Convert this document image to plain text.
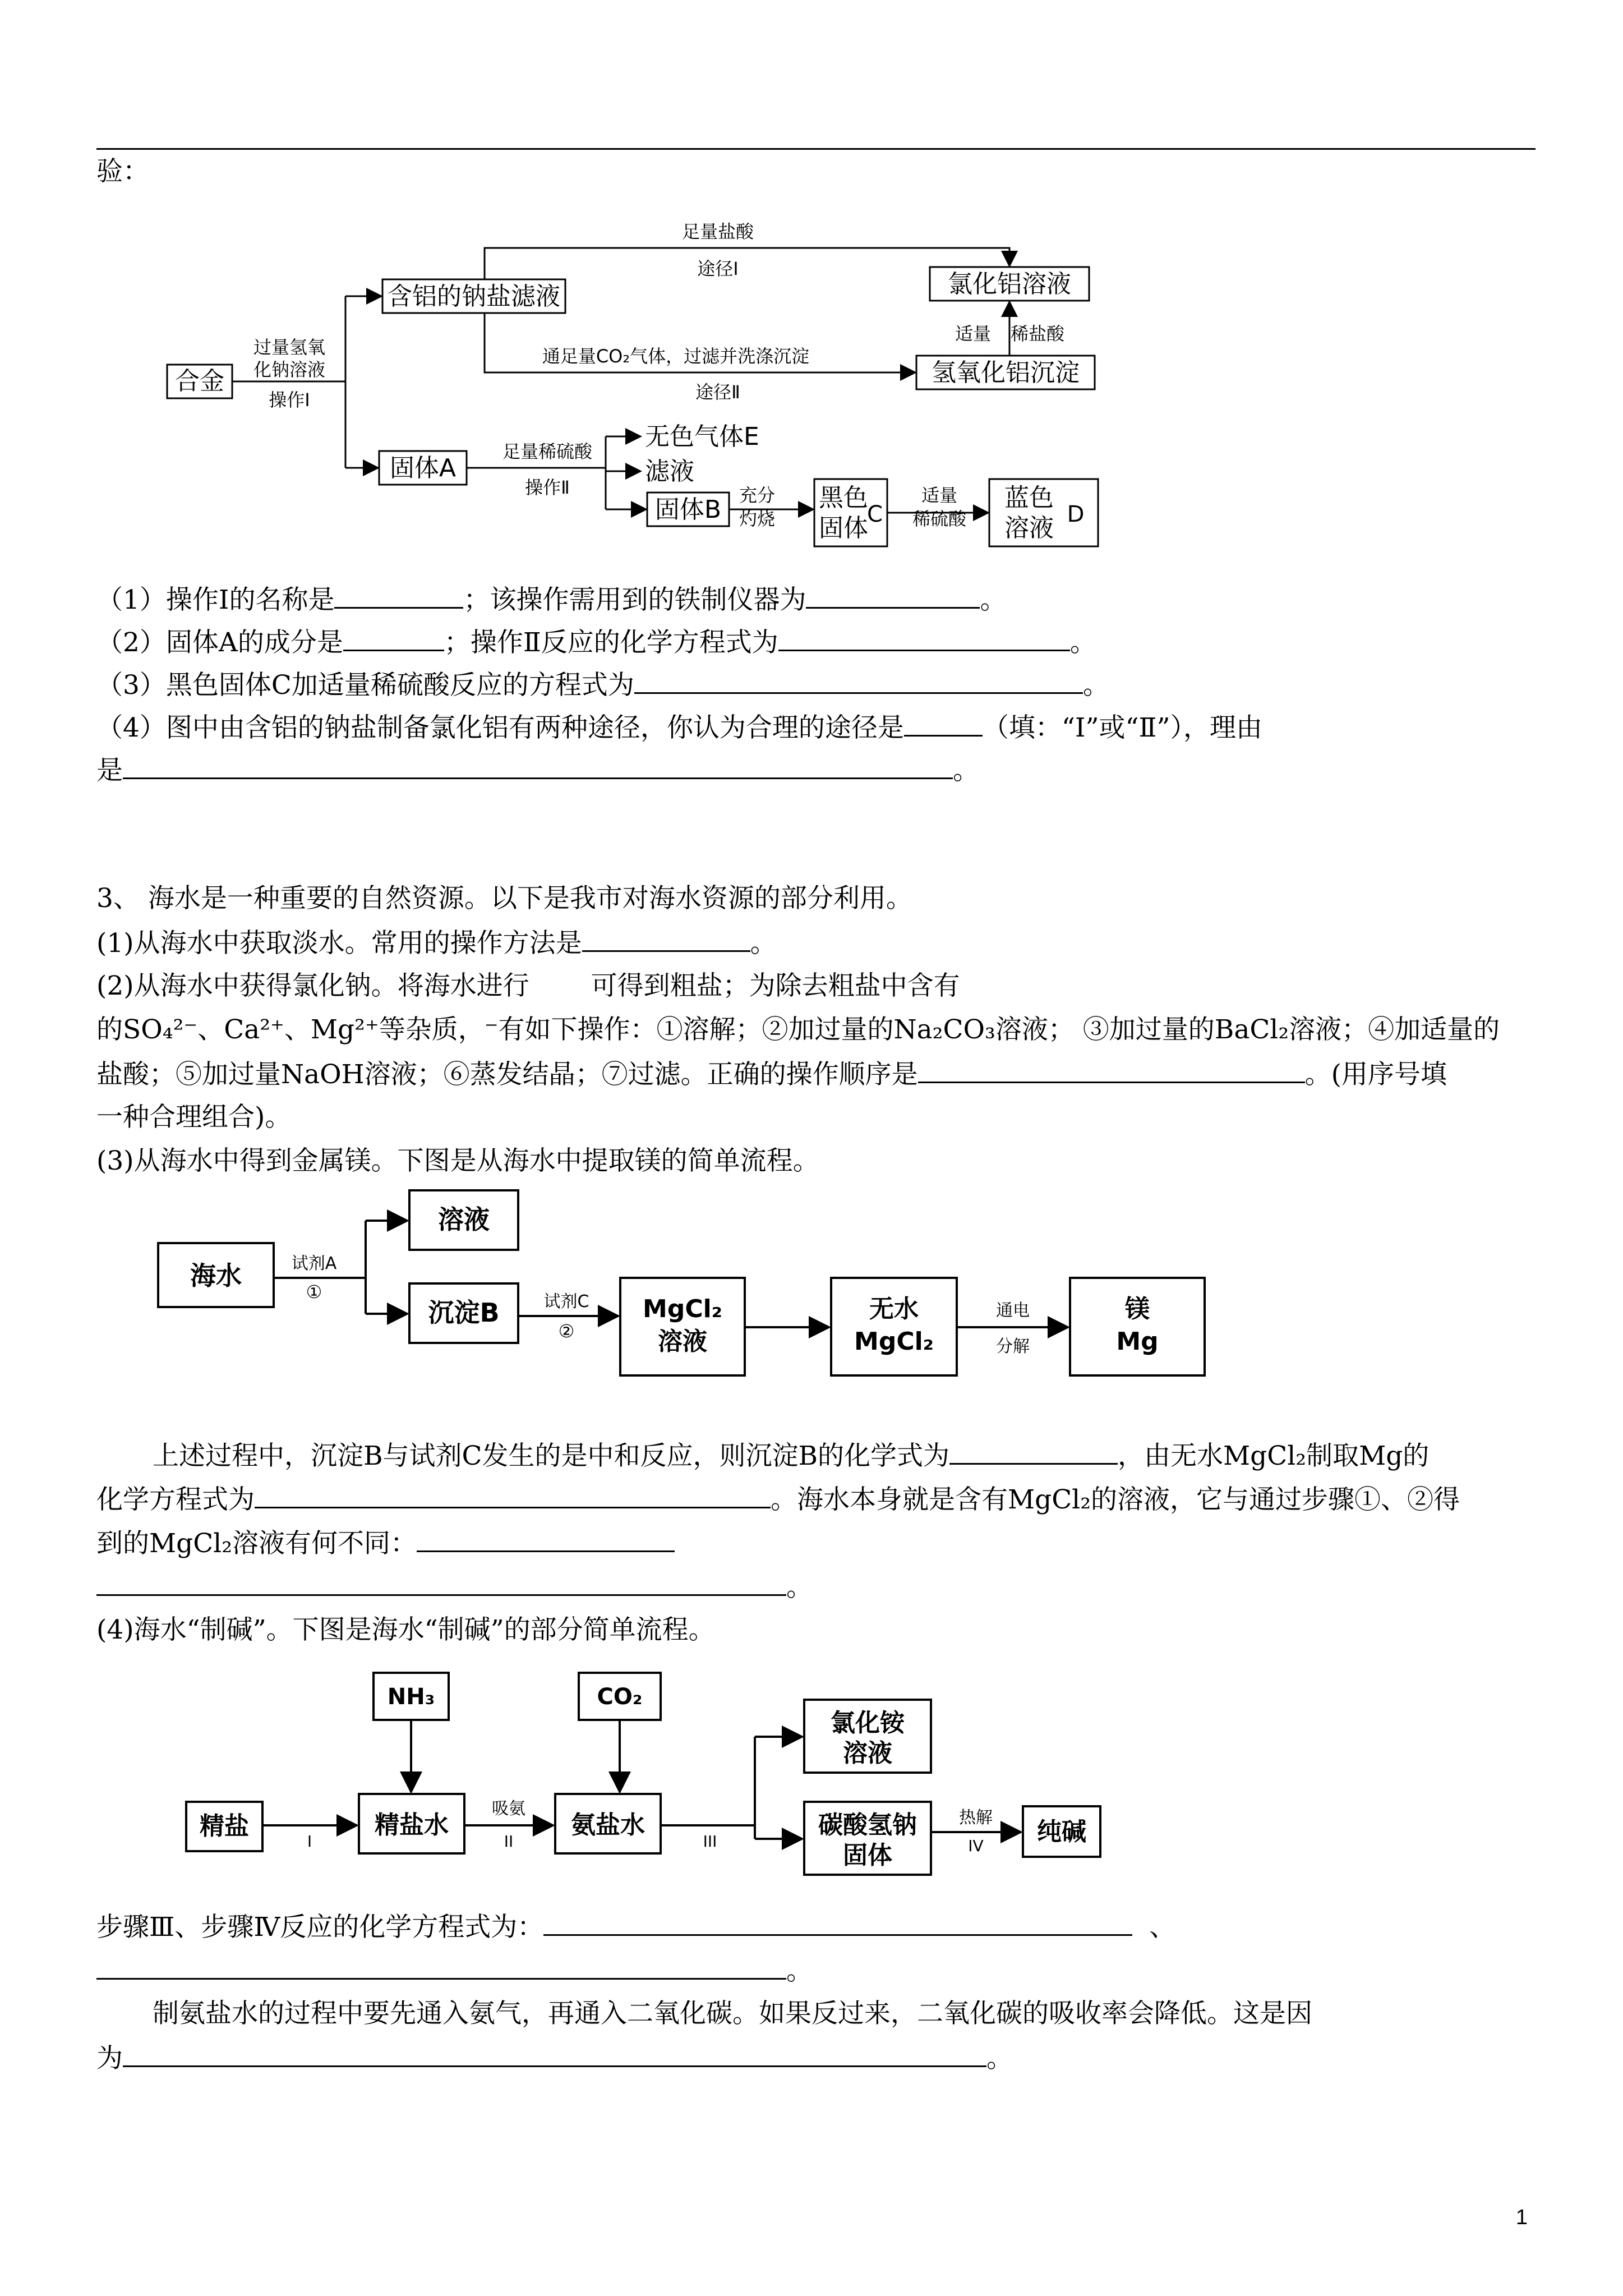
验：
合金
过量氢氧
化钠溶液
操作Ⅰ
含铝的钠盐滤液
足量盐酸
途径Ⅰ
氯化铝溶液
通足量CO₂气体，过滤并洗涤沉淀
途径Ⅱ
氢氧化铝沉淀
适量 稀盐酸
固体A
足量稀硫酸
操作Ⅱ
无色气体E
滤液
固体B 充分
灼烧
黑色
固体
C
适量
稀硫酸
蓝色
溶液 D
（1）操作Ⅰ的名称是	；该操作需用到的铁制仪器为	。
（2）固体A的成分是	；操作Ⅱ反应的化学方程式为	。
（3）黑色固体C加适量稀硫酸反应的方程式为	。
（4）图中由含铝的钠盐制备氯化铝有两种途径，你认为合理的途径是	（填：“Ⅰ”或“Ⅱ”），理由
是	。
3、 海水是一种重要的自然资源。以下是我市对海水资源的部分利用。
(1)从海水中获取淡水。常用的操作方法是	。
(2)从海水中获得氯化钠。将海水进行 可得到粗盐；为除去粗盐中含有
的SO₄²⁻、Ca²⁺、Mg²⁺等杂质，⁻有如下操作：①溶解；②加过量的Na₂CO₃溶液； ③加过量的BaCl₂溶液；④加适量的
盐酸；⑤加过量NaOH溶液；⑥蒸发结晶；⑦过滤。正确的操作顺序是	。(用序号填
一种合理组合)。
(3)从海水中得到金属镁。下图是从海水中提取镁的简单流程。
海水	试剂A
①
溶液
沉淀B	试剂C
②
MgCl₂
溶液
无水
MgCl₂
通电
分解
镁
Mg
上述过程中，沉淀B与试剂C发生的是中和反应，则沉淀B的化学式为	，由无水MgCl₂制取Mg的
化学方程式为	。海水本身就是含有MgCl₂的溶液，它与通过步骤①、②得
到的MgCl₂溶液有何不同：
。
(4)海水“制碱”。下图是海水“制碱”的部分简单流程。
NH₃	CO₂
精盐
I
精盐水
吸氨
II
氨盐水
III
氯化铵
溶液
碳酸氢钠
固体
热解
IV 纯碱
步骤Ⅲ、步骤Ⅳ反应的化学方程式为：	、
。
制氨盐水的过程中要先通入氨气，再通入二氧化碳。如果反过来，二氧化碳的吸收率会降低。这是因
为	。
1
